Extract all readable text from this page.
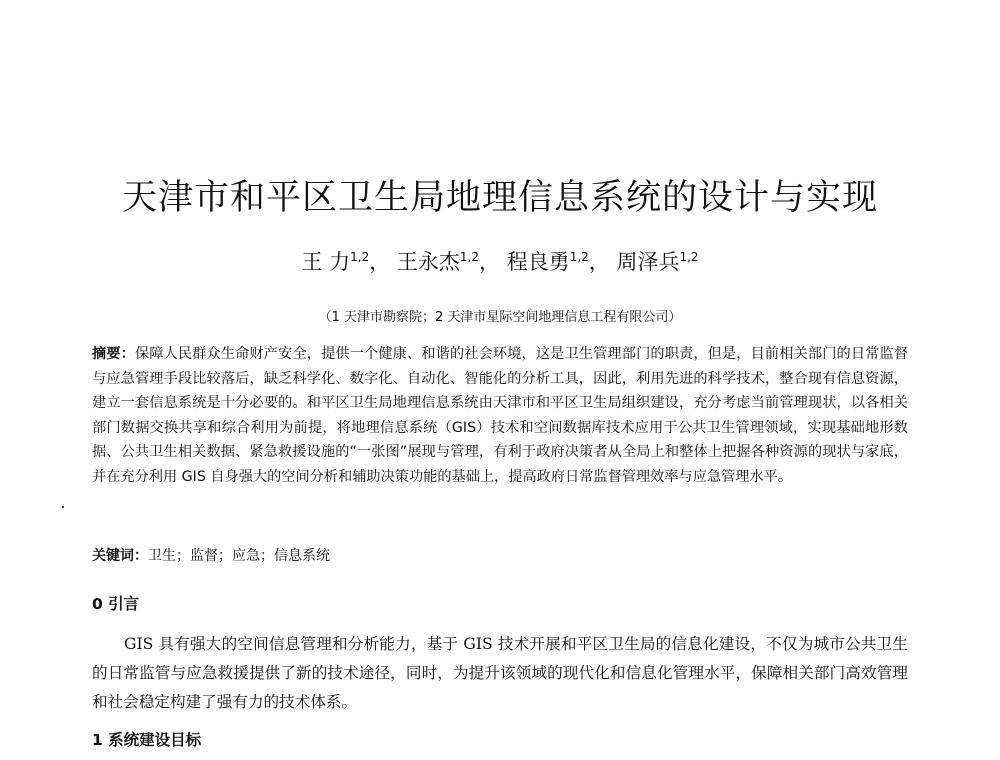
天津市和平区卫生局地理信息系统的设计与实现
王 力$^{1,2}$， 王永杰$^{1,2}$， 程良勇$^{1,2}$， 周泽兵$^{1,2}$
（1 天津市勘察院；2 天津市星际空间地理信息工程有限公司）
摘要：保障人民群众生命财产安全，提供一个健康、和谐的社会环境，这是卫生管理部门的职责，但是，目前相关部门的日常监督与应急管理手段比较落后，缺乏科学化、数字化、自动化、智能化的分析工具，因此，利用先进的科学技术，整合现有信息资源，建立一套信息系统是十分必要的。和平区卫生局地理信息系统由天津市和平区卫生局组织建设，充分考虑当前管理现状，以各相关部门数据交换共享和综合利用为前提，将地理信息系统（GIS）技术和空间数据库技术应用于公共卫生管理领域，实现基础地形数据、公共卫生相关数据、紧急救援设施的“一张图”展现与管理，有利于政府决策者从全局上和整体上把握各种资源的现状与家底，并在充分利用 GIS 自身强大的空间分析和辅助决策功能的基础上，提高政府日常监督管理效率与应急管理水平。
关键词：卫生；监督；应急；信息系统
0 引言
GIS 具有强大的空间信息管理和分析能力，基于 GIS 技术开展和平区卫生局的信息化建设，不仅为城市公共卫生的日常监管与应急救援提供了新的技术途径，同时，为提升该领域的现代化和信息化管理水平，保障相关部门高效管理和社会稳定构建了强有力的技术体系。
1 系统建设目标
